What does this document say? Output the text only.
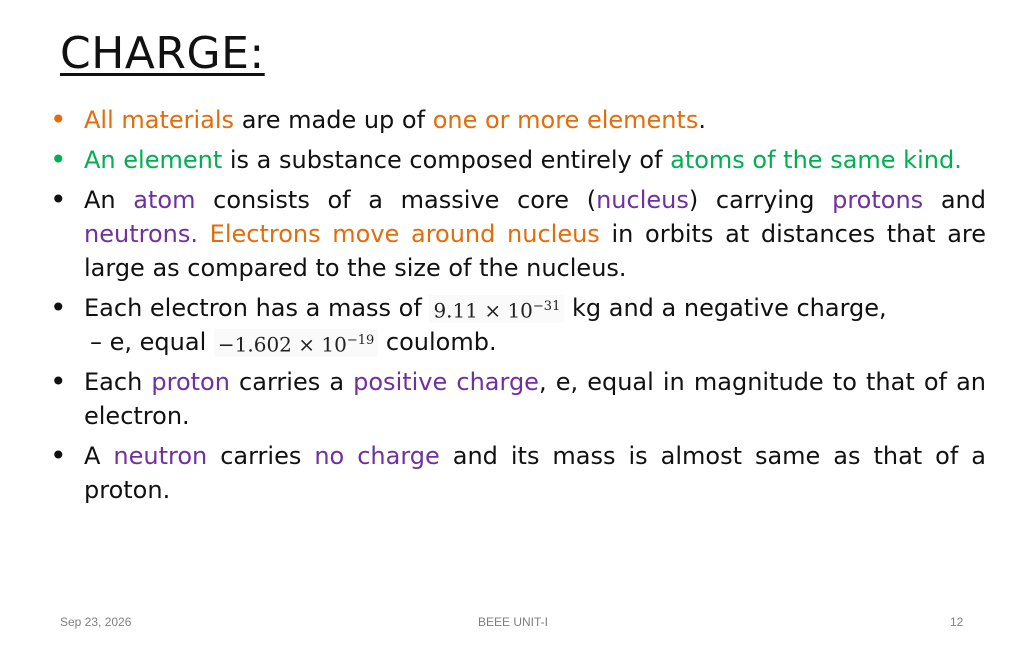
CHARGE:
• All materials are made up of one or more elements.
• An element is a substance composed entirely of atoms of the same kind.
• An atom consists of a massive core (nucleus) carrying protons and neutrons. Electrons move around nucleus in orbits at distances that are large as compared to the size of the nucleus.
• Each electron has a mass of $9.11 \times 10^{-31}$ kg and a negative charge,
– e, equal $-1.602 \times 10^{-19}$ coulomb.
• Each proton carries a positive charge, e, equal in magnitude to that of an electron.
• A neutron carries no charge and its mass is almost same as that of a proton.
Sep 23, 2026	BEEE UNIT-I	12
